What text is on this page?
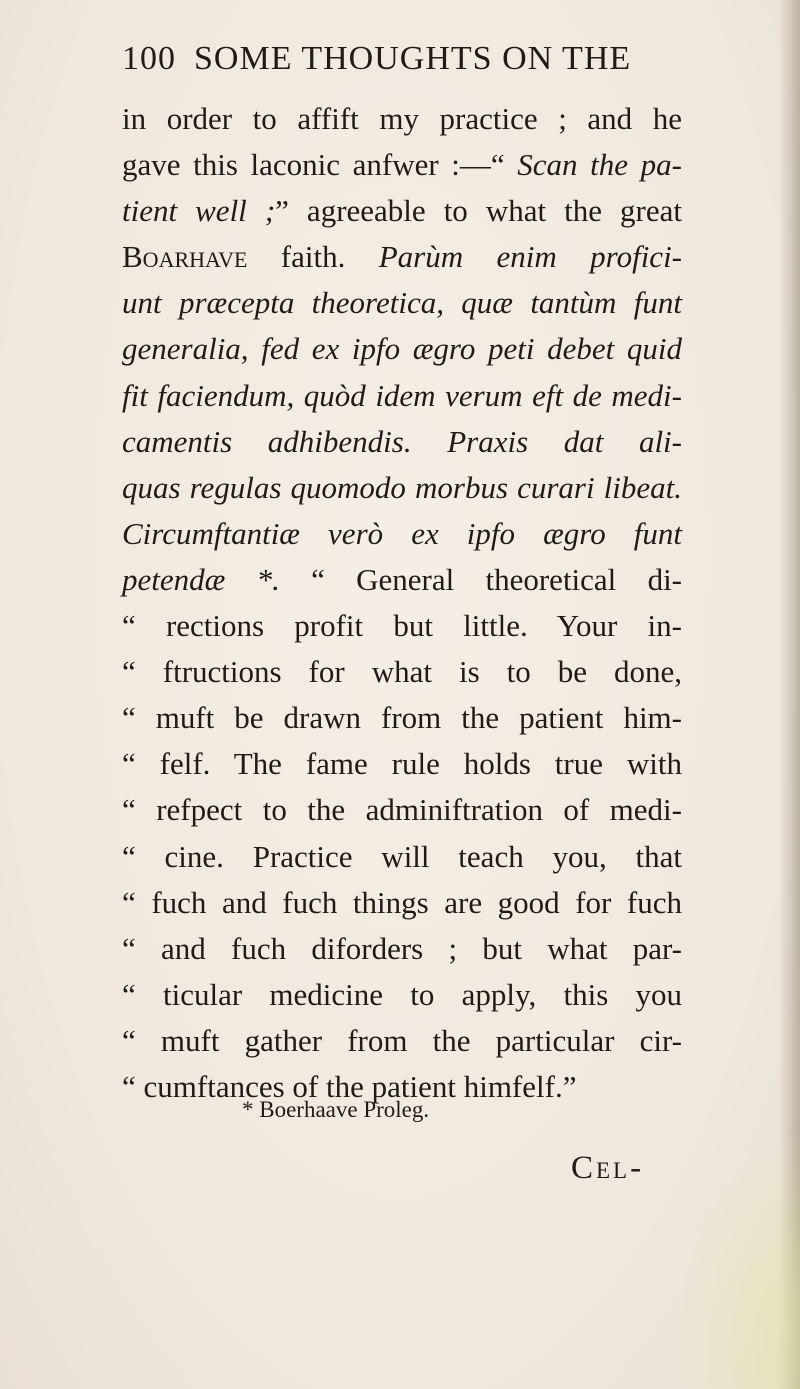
100 SOME THOUGHTS ON THE
in order to affift my practice ; and he
gave this laconic anfwer :—“ Scan the pa-
tient well ;” agreeable to what the great
Boarhave faith. Parùm enim profici-
unt præcepta theoretica, quæ tantùm funt
generalia, fed ex ipfo ægro peti debet quid
fit faciendum, quòd idem verum eft de medi-
camentis adhibendis. Praxis dat ali-
quas regulas quomodo morbus curari libeat.
Circumftantiæ verò ex ipfo ægro funt
petendæ *. “ General theoretical di-
“ rections profit but little. Your in-
“ ftructions for what is to be done,
“ muft be drawn from the patient him-
“ felf. The fame rule holds true with
“ refpect to the adminiftration of medi-
“ cine. Practice will teach you, that
“ fuch and fuch things are good for fuch
“ and fuch diforders ; but what par-
“ ticular medicine to apply, this you
“ muft gather from the particular cir-
“ cumftances of the patient himfelf.”
* Boerhaave Proleg.
Cel-
